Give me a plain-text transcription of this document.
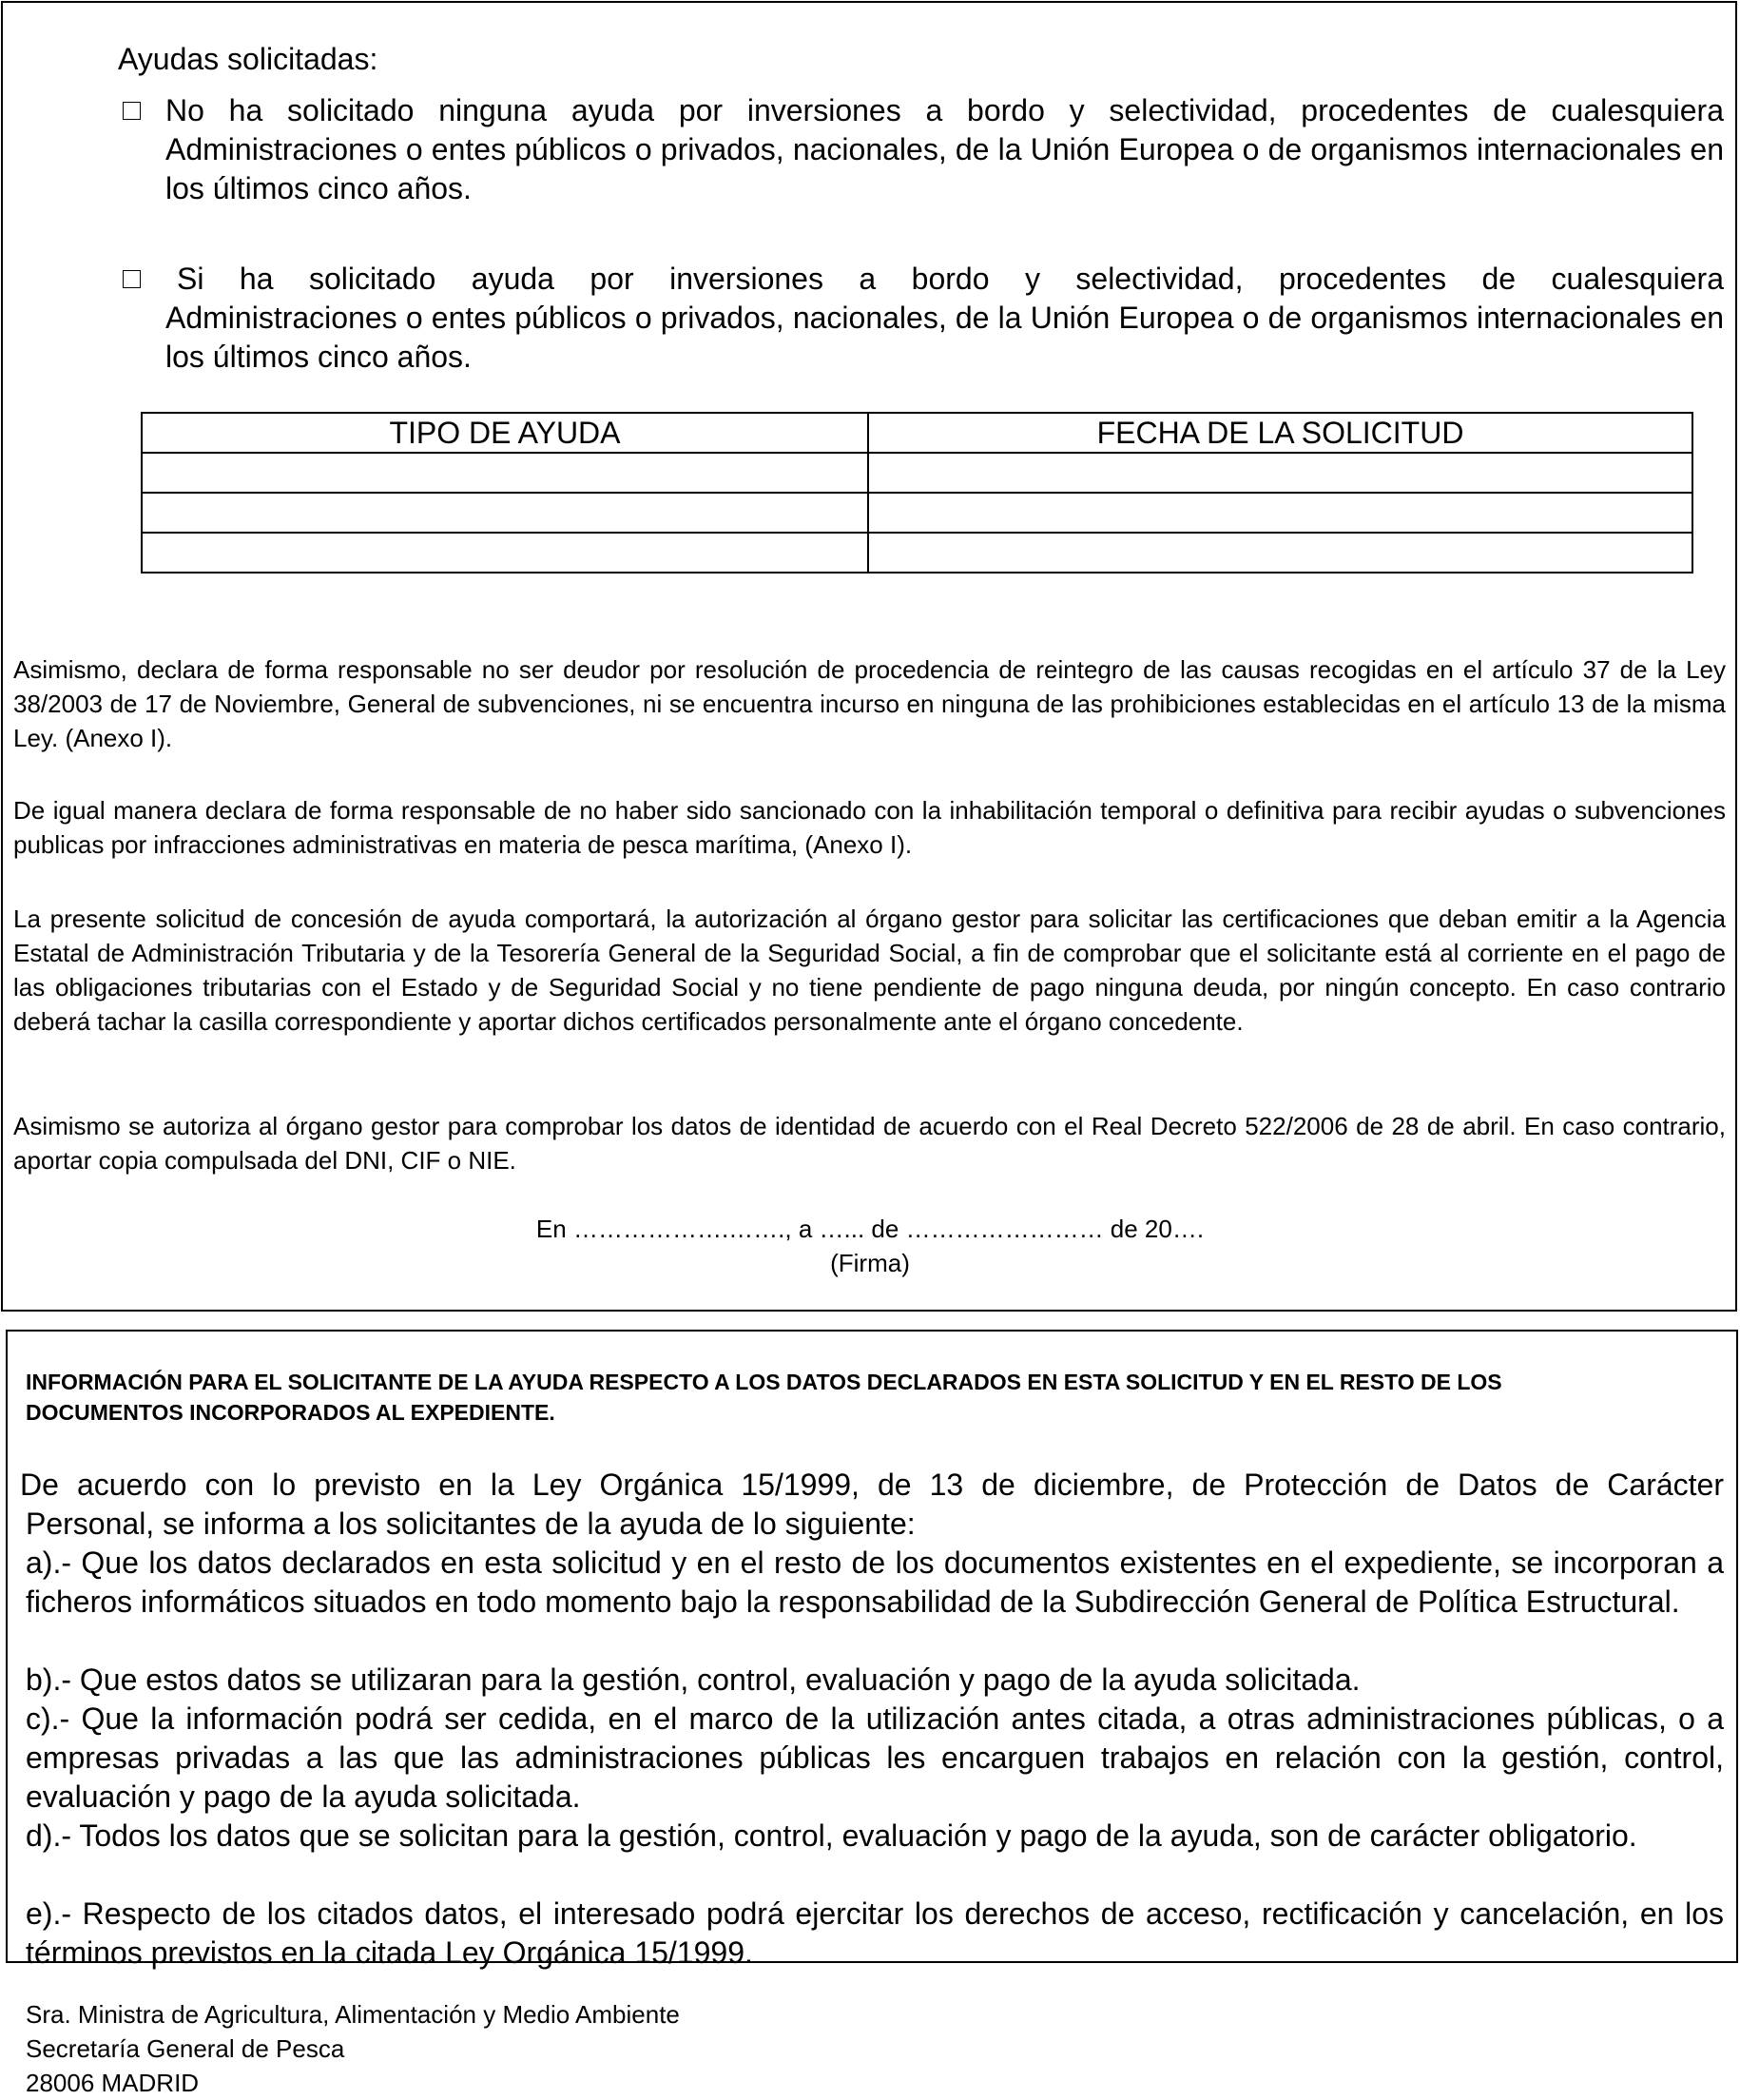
Ayudas solicitadas:

No ha solicitado ninguna ayuda por inversiones a bordo y selectividad, procedentes de cualesquiera

Administraciones o entes públicos o privados, nacionales, de la Unión Europea o de organismos internacionales en los últimos cinco años.

Si ha solicitado ayuda por inversiones a bordo y selectividad, procedentes de cualesquiera

Administraciones o entes públicos o privados, nacionales, de la Unión Europea o de organismos internacionales en los últimos cinco años.

TIPO DE AYUDA	FECHA DE LA SOLICITUD

Asimismo, declara de forma responsable no ser deudor por resolución de procedencia de reintegro de las causas recogidas en el artículo 37 de la Ley 38/2003 de 17 de Noviembre, General de subvenciones, ni se encuentra incurso en ninguna de las prohibiciones establecidas en el artículo 13 de la misma Ley. (Anexo I).

De igual manera declara de forma responsable de no haber sido sancionado con la inhabilitación temporal o definitiva para recibir ayudas o subvenciones publicas por infracciones administrativas en materia de pesca marítima, (Anexo I).

La presente solicitud de concesión de ayuda comportará, la autorización al órgano gestor para solicitar las certificaciones que deban emitir a la Agencia Estatal de Administración Tributaria y de la Tesorería General de la Seguridad Social, a fin de comprobar que el solicitante está al corriente en el pago de las obligaciones tributarias con el Estado y de Seguridad Social y no tiene pendiente de pago ninguna deuda, por ningún concepto. En caso contrario deberá tachar la casilla correspondiente y aportar dichos certificados personalmente ante el órgano concedente.

Asimismo se autoriza al órgano gestor para comprobar los datos de identidad de acuerdo con el Real Decreto 522/2006 de 28 de abril. En caso contrario, aportar copia compulsada del DNI, CIF o NIE.

En ……………….……., a …... de …………………… de 20….

(Firma)

INFORMACIÓN PARA EL SOLICITANTE DE LA AYUDA RESPECTO A LOS DATOS DECLARADOS EN ESTA SOLICITUD Y EN EL RESTO DE LOS DOCUMENTOS INCORPORADOS AL EXPEDIENTE.

De acuerdo con lo previsto en la Ley Orgánica 15/1999, de 13 de diciembre, de Protección de Datos de Carácter

Personal, se informa a los solicitantes de la ayuda de lo siguiente:

a).- Que los datos declarados en esta solicitud y en el resto de los documentos existentes en el expediente, se incorporan a ficheros informáticos situados en todo momento bajo la responsabilidad de la Subdirección General de Política Estructural.

b).- Que estos datos se utilizaran para la gestión, control, evaluación y pago de la ayuda solicitada.

c).- Que la información podrá ser cedida, en el marco de la utilización antes citada, a otras administraciones públicas, o a empresas privadas a las que las administraciones públicas les encarguen trabajos en relación con la gestión, control, evaluación y pago de la ayuda solicitada.

d).- Todos los datos que se solicitan para la gestión, control, evaluación y pago de la ayuda, son de carácter obligatorio.

e).- Respecto de los citados datos, el interesado podrá ejercitar los derechos de acceso, rectificación y cancelación, en los términos previstos en la citada Ley Orgánica 15/1999.

Sra. Ministra de Agricultura, Alimentación y Medio Ambiente

Secretaría General de Pesca

28006 MADRID
